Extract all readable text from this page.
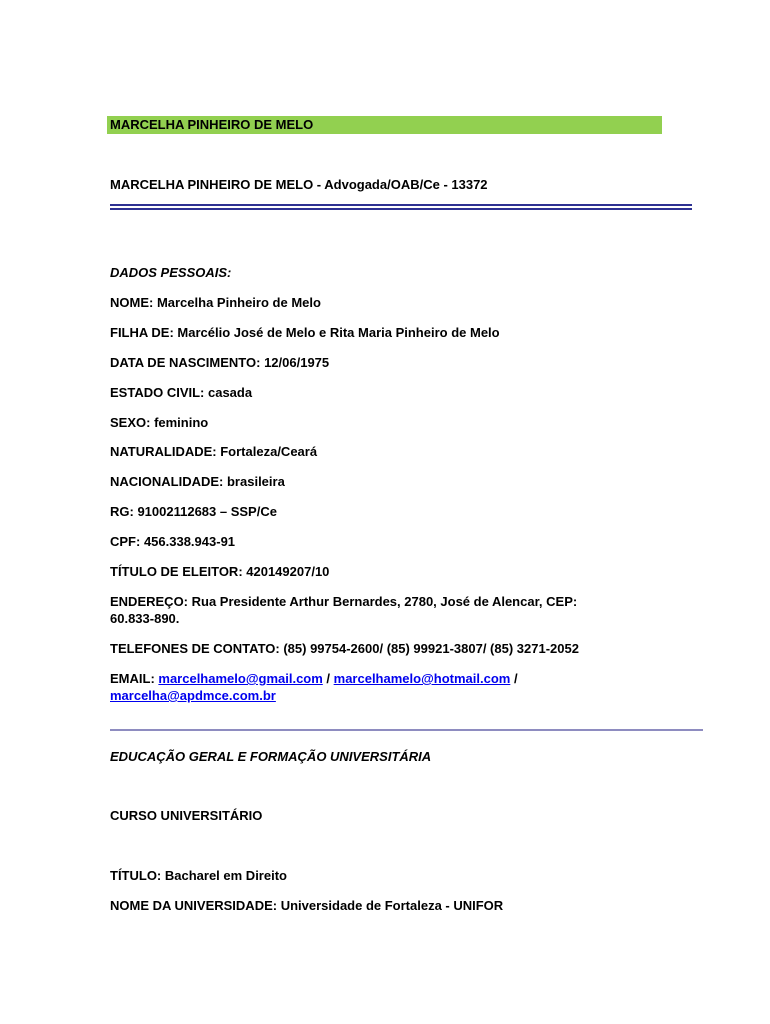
MARCELHA PINHEIRO DE MELO
MARCELHA PINHEIRO DE MELO - Advogada/OAB/Ce - 13372
DADOS PESSOAIS:
NOME: Marcelha Pinheiro de Melo
FILHA DE: Marcélio José de Melo e Rita Maria Pinheiro de Melo
DATA DE NASCIMENTO: 12/06/1975
ESTADO CIVIL: casada
SEXO: feminino
NATURALIDADE: Fortaleza/Ceará
NACIONALIDADE: brasileira
RG: 91002112683 – SSP/Ce
CPF: 456.338.943-91
TÍTULO DE ELEITOR: 420149207/10
ENDEREÇO: Rua Presidente Arthur Bernardes, 2780, José de Alencar, CEP:
60.833-890.
TELEFONES DE CONTATO: (85) 99754-2600/ (85) 99921-3807/ (85) 3271-2052
EMAIL: marcelhamelo@gmail.com / marcelhamelo@hotmail.com /
marcelha@apdmce.com.br
EDUCAÇÃO GERAL E FORMAÇÃO UNIVERSITÁRIA
CURSO UNIVERSITÁRIO
TÍTULO: Bacharel em Direito
NOME DA UNIVERSIDADE: Universidade de Fortaleza - UNIFOR
